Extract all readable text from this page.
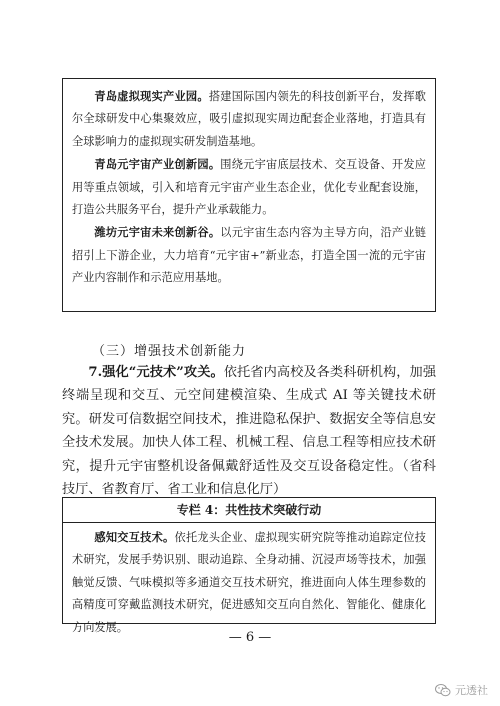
青岛虚拟现实产业园。搭建国际国内领先的科技创新平台，发挥歌尔全球研发中心集聚效应，吸引虚拟现实周边配套企业落地，打造具有全球影响力的虚拟现实研发制造基地。

青岛元宇宙产业创新园。围绕元宇宙底层技术、交互设备、开发应用等重点领域，引入和培育元宇宙产业生态企业，优化专业配套设施，打造公共服务平台，提升产业承载能力。

潍坊元宇宙未来创新谷。以元宇宙生态内容为主导方向，沿产业链招引上下游企业，大力培育“元宇宙+”新业态，打造全国一流的元宇宙产业内容制作和示范应用基地。

（三）增强技术创新能力

7.强化“元技术”攻关。依托省内高校及各类科研机构，加强终端呈现和交互、元空间建模渲染、生成式 AI 等关键技术研究。研发可信数据空间技术，推进隐私保护、数据安全等信息安全技术发展。加快人体工程、机械工程、信息工程等相应技术研究，提升元宇宙整机设备佩戴舒适性及交互设备稳定性。（省科技厅、省教育厅、省工业和信息化厅）

专栏 4：共性技术突破行动

感知交互技术。依托龙头企业、虚拟现实研究院等推动追踪定位技术研究，发展手势识别、眼动追踪、全身动捕、沉浸声场等技术，加强触觉反馈、气味模拟等多通道交互技术研究，推进面向人体生理参数的高精度可穿戴监测技术研究，促进感知交互向自然化、智能化、健康化方向发展。

— 6 —

元透社
